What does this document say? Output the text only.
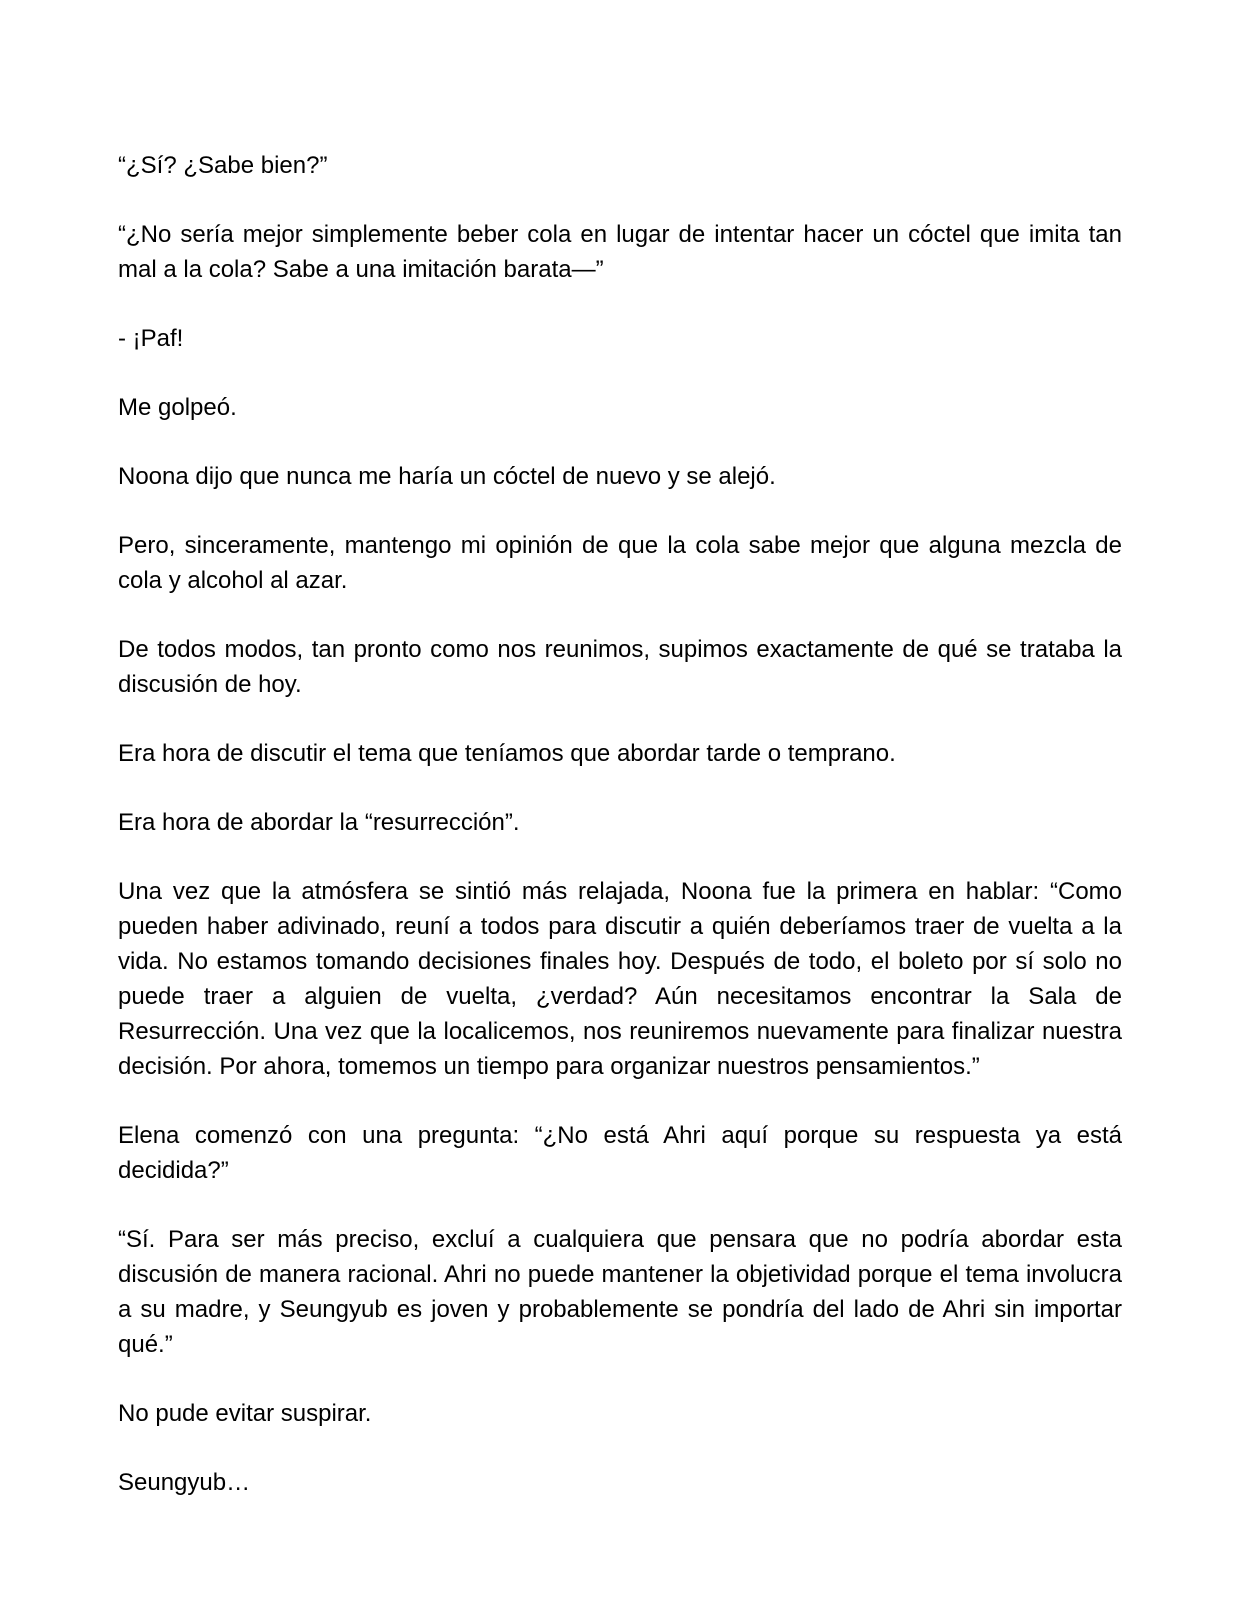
“¿Sí? ¿Sabe bien?”

“¿No sería mejor simplemente beber cola en lugar de intentar hacer un cóctel que imita tan mal a la cola? Sabe a una imitación barata—”

- ¡Paf!

Me golpeó.

Noona dijo que nunca me haría un cóctel de nuevo y se alejó.

Pero, sinceramente, mantengo mi opinión de que la cola sabe mejor que alguna mezcla de cola y alcohol al azar.

De todos modos, tan pronto como nos reunimos, supimos exactamente de qué se trataba la discusión de hoy.

Era hora de discutir el tema que teníamos que abordar tarde o temprano.

Era hora de abordar la “resurrección”.

Una vez que la atmósfera se sintió más relajada, Noona fue la primera en hablar: “Como pueden haber adivinado, reuní a todos para discutir a quién deberíamos traer de vuelta a la vida. No estamos tomando decisiones finales hoy. Después de todo, el boleto por sí solo no puede traer a alguien de vuelta, ¿verdad? Aún necesitamos encontrar la Sala de Resurrección. Una vez que la localicemos, nos reuniremos nuevamente para finalizar nuestra decisión. Por ahora, tomemos un tiempo para organizar nuestros pensamientos.”

Elena comenzó con una pregunta: “¿No está Ahri aquí porque su respuesta ya está decidida?”

“Sí. Para ser más preciso, excluí a cualquiera que pensara que no podría abordar esta discusión de manera racional. Ahri no puede mantener la objetividad porque el tema involucra a su madre, y Seungyub es joven y probablemente se pondría del lado de Ahri sin importar qué.”

No pude evitar suspirar.

Seungyub…
